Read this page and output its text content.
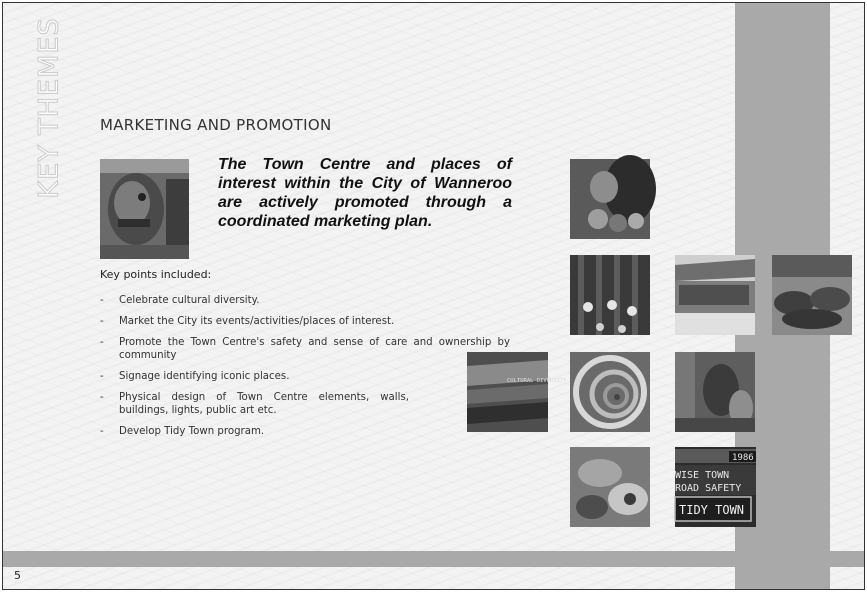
KEY THEMES MARKETING AND PROMOTION
The Town Centre and places of interest within the City of Wanneroo are actively promoted through a coordinated marketing plan.
Key points included:
- Celebrate cultural diversity.
- Market the City its events/activities/places of interest.
- Promote the Town Centre's safety and sense of care and ownership by community
- Signage identifying iconic places.
- Physical design of Town Centre elements, walls, buildings, lights, public art etc.
- Develop Tidy Town program.
CULTURAL DIVERSITY
1986
WISE TOWN
ROAD SAFETY
TIDY TOWN
5
